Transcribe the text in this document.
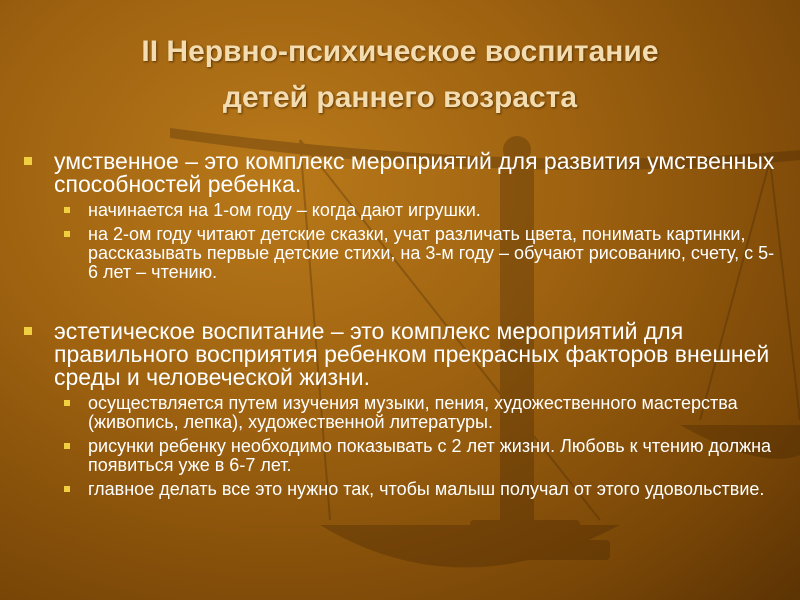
II Нервно-психическое воспитание
детей раннего возраста
умственное – это комплекс мероприятий для развития умственных способностей ребенка.
начинается на 1-ом году – когда дают игрушки.
на 2-ом году читают детские сказки, учат различать цвета, понимать картинки, рассказывать первые детские стихи, на 3-м году – обучают рисованию, счету, с 5-6 лет – чтению.
эстетическое воспитание – это комплекс мероприятий для правильного восприятия ребенком прекрасных факторов внешней среды и человеческой жизни.
осуществляется путем изучения музыки, пения, художественного мастерства (живопись, лепка), художественной литературы.
рисунки ребенку необходимо показывать с 2 лет жизни. Любовь к чтению должна появиться уже в 6-7 лет.
главное делать все это нужно так, чтобы малыш получал от этого удовольствие.
